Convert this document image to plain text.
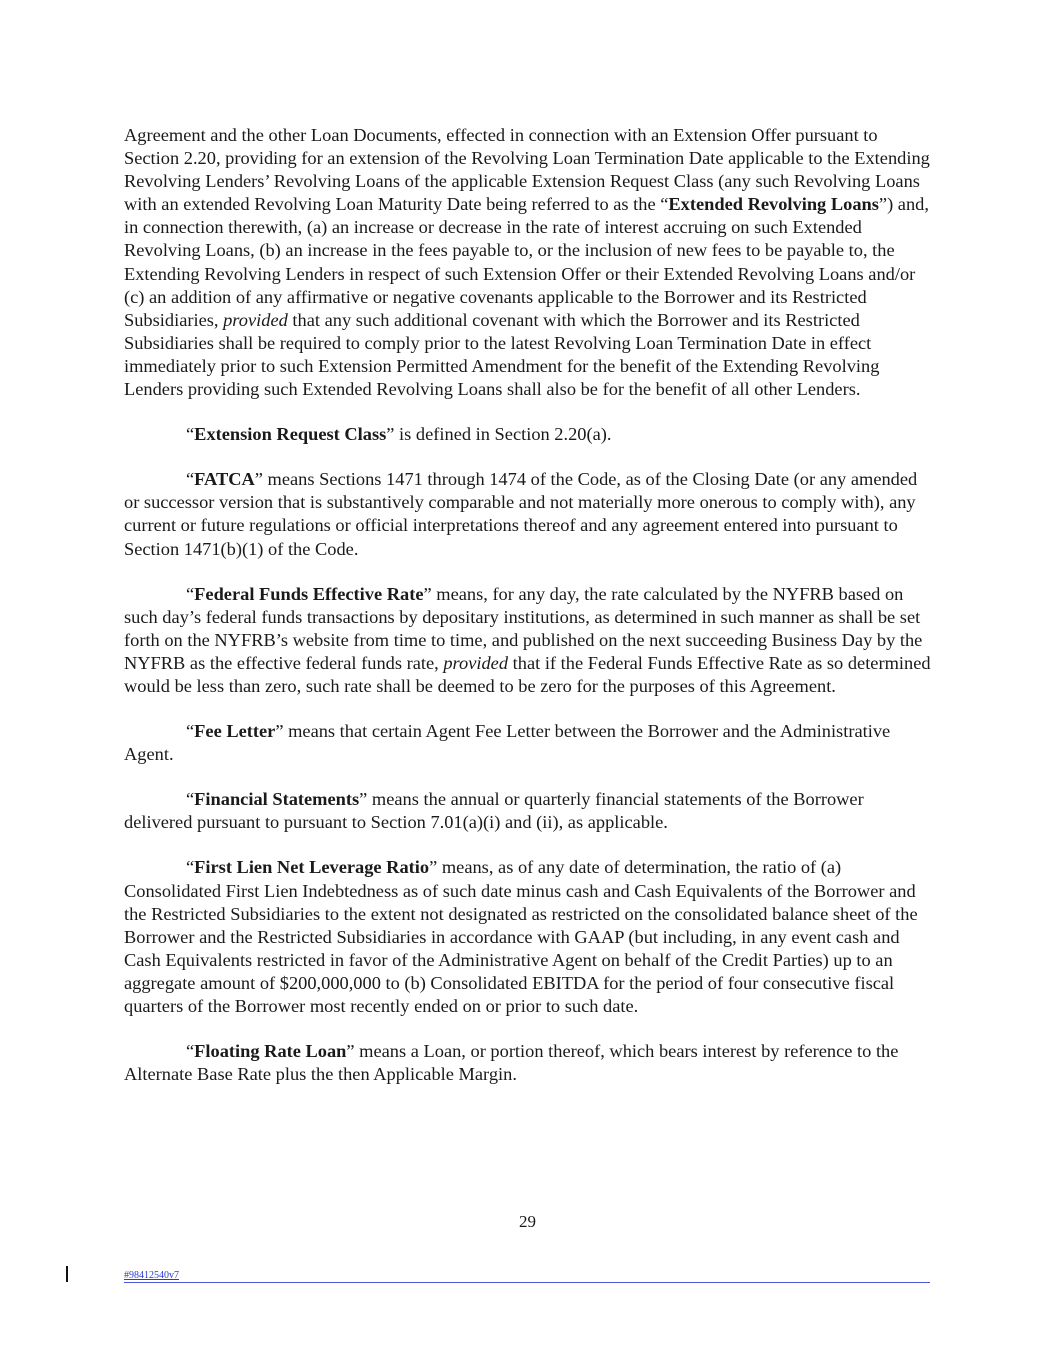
Agreement and the other Loan Documents, effected in connection with an Extension Offer pursuant to Section 2.20, providing for an extension of the Revolving Loan Termination Date applicable to the Extending Revolving Lenders’ Revolving Loans of the applicable Extension Request Class (any such Revolving Loans with an extended Revolving Loan Maturity Date being referred to as the “Extended Revolving Loans”) and, in connection therewith, (a) an increase or decrease in the rate of interest accruing on such Extended Revolving Loans, (b) an increase in the fees payable to, or the inclusion of new fees to be payable to, the Extending Revolving Lenders in respect of such Extension Offer or their Extended Revolving Loans and/or (c) an addition of any affirmative or negative covenants applicable to the Borrower and its Restricted Subsidiaries, provided that any such additional covenant with which the Borrower and its Restricted Subsidiaries shall be required to comply prior to the latest Revolving Loan Termination Date in effect immediately prior to such Extension Permitted Amendment for the benefit of the Extending Revolving Lenders providing such Extended Revolving Loans shall also be for the benefit of all other Lenders.

“Extension Request Class” is defined in Section 2.20(a).

“FATCA” means Sections 1471 through 1474 of the Code, as of the Closing Date (or any amended or successor version that is substantively comparable and not materially more onerous to comply with), any current or future regulations or official interpretations thereof and any agreement entered into pursuant to Section 1471(b)(1) of the Code.

“Federal Funds Effective Rate” means, for any day, the rate calculated by the NYFRB based on such day’s federal funds transactions by depositary institutions, as determined in such manner as shall be set forth on the NYFRB’s website from time to time, and published on the next succeeding Business Day by the NYFRB as the effective federal funds rate, provided that if the Federal Funds Effective Rate as so determined would be less than zero, such rate shall be deemed to be zero for the purposes of this Agreement.

“Fee Letter” means that certain Agent Fee Letter between the Borrower and the Administrative Agent.

“Financial Statements” means the annual or quarterly financial statements of the Borrower delivered pursuant to pursuant to Section 7.01(a)(i) and (ii), as applicable.

“First Lien Net Leverage Ratio” means, as of any date of determination, the ratio of (a) Consolidated First Lien Indebtedness as of such date minus cash and Cash Equivalents of the Borrower and the Restricted Subsidiaries to the extent not designated as restricted on the consolidated balance sheet of the Borrower and the Restricted Subsidiaries in accordance with GAAP (but including, in any event cash and Cash Equivalents restricted in favor of the Administrative Agent on behalf of the Credit Parties) up to an aggregate amount of $200,000,000 to (b) Consolidated EBITDA for the period of four consecutive fiscal quarters of the Borrower most recently ended on or prior to such date.

“Floating Rate Loan” means a Loan, or portion thereof, which bears interest by reference to the Alternate Base Rate plus the then Applicable Margin.

29
#98412540v7
